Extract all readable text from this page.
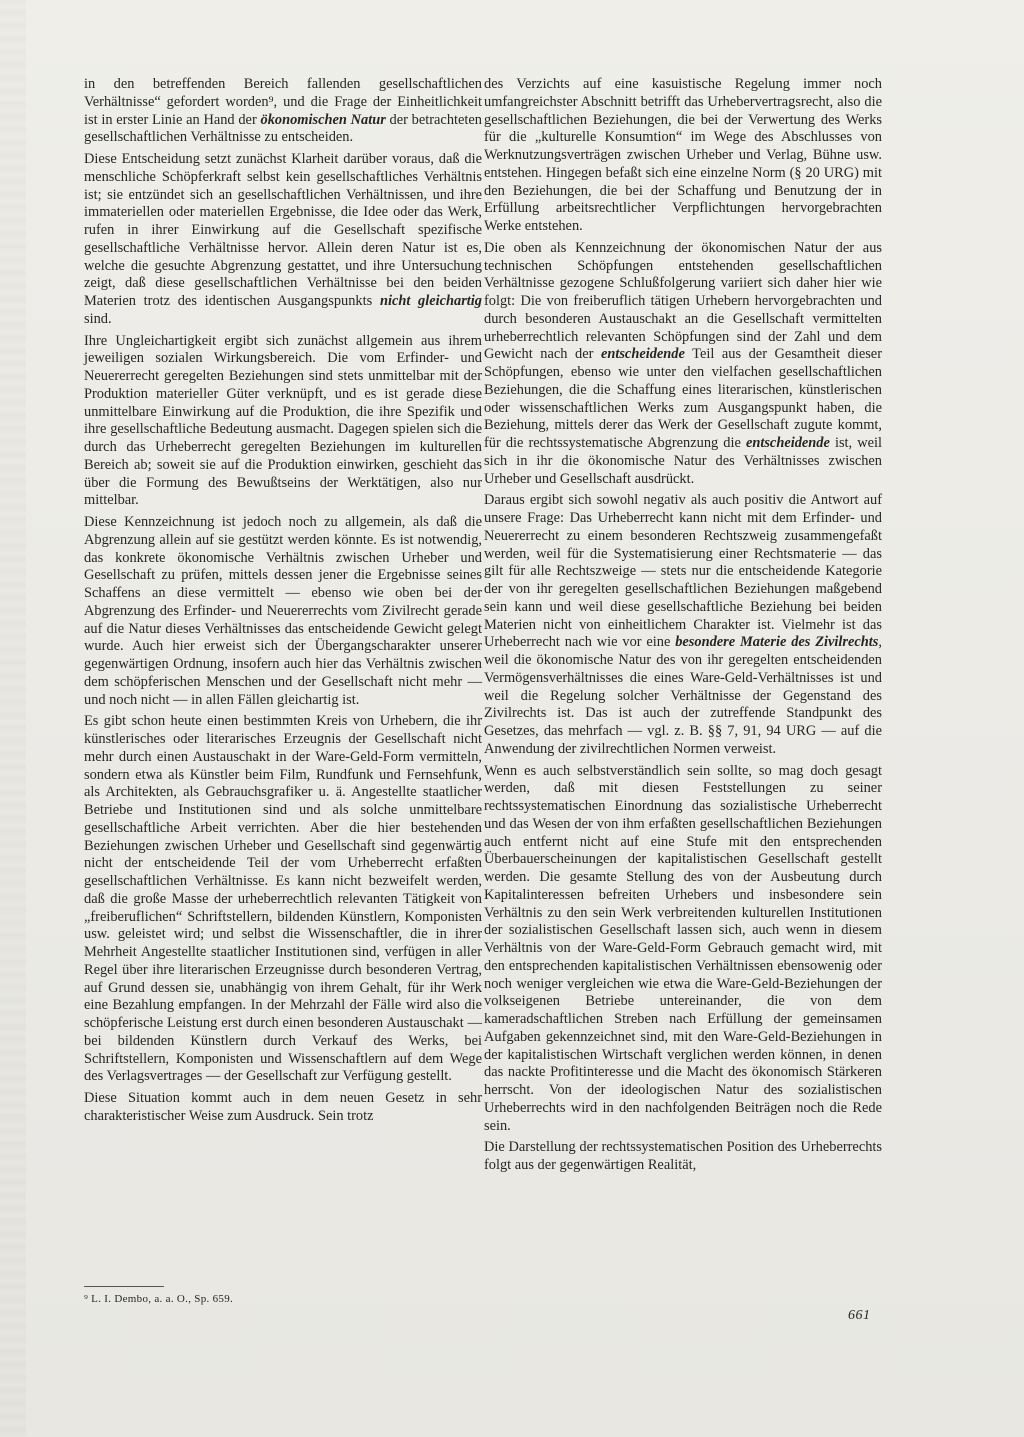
in den betreffenden Bereich fallenden gesellschaftlichen Verhältnisse“ gefordert worden⁹, und die Frage der Einheitlichkeit ist in erster Linie an Hand der ökonomischen Natur der betrachteten gesellschaftlichen Verhältnisse zu entscheiden.

Diese Entscheidung setzt zunächst Klarheit darüber voraus, daß die menschliche Schöpferkraft selbst kein gesellschaftliches Verhältnis ist; sie entzündet sich an gesellschaftlichen Verhältnissen, und ihre immateriellen oder materiellen Ergebnisse, die Idee oder das Werk, rufen in ihrer Einwirkung auf die Gesellschaft spezifische gesellschaftliche Verhältnisse hervor. Allein deren Natur ist es, welche die gesuchte Abgrenzung gestattet, und ihre Untersuchung zeigt, daß diese gesellschaftlichen Verhältnisse bei den beiden Materien trotz des identischen Ausgangspunkts nicht gleichartig sind.

Ihre Ungleichartigkeit ergibt sich zunächst allgemein aus ihrem jeweiligen sozialen Wirkungsbereich. Die vom Erfinder- und Neuererrecht geregelten Beziehungen sind stets unmittelbar mit der Produktion materieller Güter verknüpft, und es ist gerade diese unmittelbare Einwirkung auf die Produktion, die ihre Spezifik und ihre gesellschaftliche Bedeutung ausmacht. Dagegen spielen sich die durch das Urheberrecht geregelten Beziehungen im kulturellen Bereich ab; soweit sie auf die Produktion einwirken, geschieht das über die Formung des Bewußtseins der Werktätigen, also nur mittelbar.

Diese Kennzeichnung ist jedoch noch zu allgemein, als daß die Abgrenzung allein auf sie gestützt werden könnte. Es ist notwendig, das konkrete ökonomische Verhältnis zwischen Urheber und Gesellschaft zu prüfen, mittels dessen jener die Ergebnisse seines Schaffens an diese vermittelt — ebenso wie oben bei der Abgrenzung des Erfinder- und Neuererrechts vom Zivilrecht gerade auf die Natur dieses Verhältnisses das entscheidende Gewicht gelegt wurde. Auch hier erweist sich der Übergangscharakter unserer gegenwärtigen Ordnung, insofern auch hier das Verhältnis zwischen dem schöpferischen Menschen und der Gesellschaft nicht mehr — und noch nicht — in allen Fällen gleichartig ist.

Es gibt schon heute einen bestimmten Kreis von Urhebern, die ihr künstlerisches oder literarisches Erzeugnis der Gesellschaft nicht mehr durch einen Austauschakt in der Ware-Geld-Form vermitteln, sondern etwa als Künstler beim Film, Rundfunk und Fernsehfunk, als Architekten, als Gebrauchsgrafiker u. ä. Angestellte staatlicher Betriebe und Institutionen sind und als solche unmittelbare gesellschaftliche Arbeit verrichten. Aber die hier bestehenden Beziehungen zwischen Urheber und Gesellschaft sind gegenwärtig nicht der entscheidende Teil der vom Urheberrecht erfaßten gesellschaftlichen Verhältnisse. Es kann nicht bezweifelt werden, daß die große Masse der urheberrechtlich relevanten Tätigkeit von „freiberuflichen“ Schriftstellern, bildenden Künstlern, Komponisten usw. geleistet wird; und selbst die Wissenschaftler, die in ihrer Mehrheit Angestellte staatlicher Institutionen sind, verfügen in aller Regel über ihre literarischen Erzeugnisse durch besonderen Vertrag, auf Grund dessen sie, unabhängig von ihrem Gehalt, für ihr Werk eine Bezahlung empfangen. In der Mehrzahl der Fälle wird also die schöpferische Leistung erst durch einen besonderen Austauschakt — bei bildenden Künstlern durch Verkauf des Werks, bei Schriftstellern, Komponisten und Wissenschaftlern auf dem Wege des Verlagsvertrages — der Gesellschaft zur Verfügung gestellt.

Diese Situation kommt auch in dem neuen Gesetz in sehr charakteristischer Weise zum Ausdruck. Sein trotz

des Verzichts auf eine kasuistische Regelung immer noch umfangreichster Abschnitt betrifft das Urhebervertragsrecht, also die gesellschaftlichen Beziehungen, die bei der Verwertung des Werks für die „kulturelle Konsumtion“ im Wege des Abschlusses von Werknutzungsverträgen zwischen Urheber und Verlag, Bühne usw. entstehen. Hingegen befaßt sich eine einzelne Norm (§ 20 URG) mit den Beziehungen, die bei der Schaffung und Benutzung der in Erfüllung arbeitsrechtlicher Verpflichtungen hervorgebrachten Werke entstehen.

Die oben als Kennzeichnung der ökonomischen Natur der aus technischen Schöpfungen entstehenden gesellschaftlichen Verhältnisse gezogene Schlußfolgerung variiert sich daher hier wie folgt: Die von freiberuflich tätigen Urhebern hervorgebrachten und durch besonderen Austauschakt an die Gesellschaft vermittelten urheberrechtlich relevanten Schöpfungen sind der Zahl und dem Gewicht nach der entscheidende Teil aus der Gesamtheit dieser Schöpfungen, ebenso wie unter den vielfachen gesellschaftlichen Beziehungen, die die Schaffung eines literarischen, künstlerischen oder wissenschaftlichen Werks zum Ausgangspunkt haben, die Beziehung, mittels derer das Werk der Gesellschaft zugute kommt, für die rechtssystematische Abgrenzung die entscheidende ist, weil sich in ihr die ökonomische Natur des Verhältnisses zwischen Urheber und Gesellschaft ausdrückt.

Daraus ergibt sich sowohl negativ als auch positiv die Antwort auf unsere Frage: Das Urheberrecht kann nicht mit dem Erfinder- und Neuererrecht zu einem besonderen Rechtszweig zusammengefaßt werden, weil für die Systematisierung einer Rechtsmaterie — das gilt für alle Rechtszweige — stets nur die entscheidende Kategorie der von ihr geregelten gesellschaftlichen Beziehungen maßgebend sein kann und weil diese gesellschaftliche Beziehung bei beiden Materien nicht von einheitlichem Charakter ist. Vielmehr ist das Urheberrecht nach wie vor eine besondere Materie des Zivilrechts, weil die ökonomische Natur des von ihr geregelten entscheidenden Vermögensverhältnisses die eines Ware-Geld-Verhältnisses ist und weil die Regelung solcher Verhältnisse der Gegenstand des Zivilrechts ist. Das ist auch der zutreffende Standpunkt des Gesetzes, das mehrfach — vgl. z. B. §§ 7, 91, 94 URG — auf die Anwendung der zivilrechtlichen Normen verweist.

Wenn es auch selbstverständlich sein sollte, so mag doch gesagt werden, daß mit diesen Feststellungen zu seiner rechtssystematischen Einordnung das sozialistische Urheberrecht und das Wesen der von ihm erfaßten gesellschaftlichen Beziehungen auch entfernt nicht auf eine Stufe mit den entsprechenden Überbauerscheinungen der kapitalistischen Gesellschaft gestellt werden. Die gesamte Stellung des von der Ausbeutung durch Kapitalinteressen befreiten Urhebers und insbesondere sein Verhältnis zu den sein Werk verbreitenden kulturellen Institutionen der sozialistischen Gesellschaft lassen sich, auch wenn in diesem Verhältnis von der Ware-Geld-Form Gebrauch gemacht wird, mit den entsprechenden kapitalistischen Verhältnissen ebensowenig oder noch weniger vergleichen wie etwa die Ware-Geld-Beziehungen der volkseigenen Betriebe untereinander, die von dem kameradschaftlichen Streben nach Erfüllung der gemeinsamen Aufgaben gekennzeichnet sind, mit den Ware-Geld-Beziehungen in der kapitalistischen Wirtschaft verglichen werden können, in denen das nackte Profitinteresse und die Macht des ökonomisch Stärkeren herrscht. Von der ideologischen Natur des sozialistischen Urheberrechts wird in den nachfolgenden Beiträgen noch die Rede sein.

Die Darstellung der rechtssystematischen Position des Urheberrechts folgt aus der gegenwärtigen Realität,

⁹ L. I. Dembo, a. a. O., Sp. 659.
661
